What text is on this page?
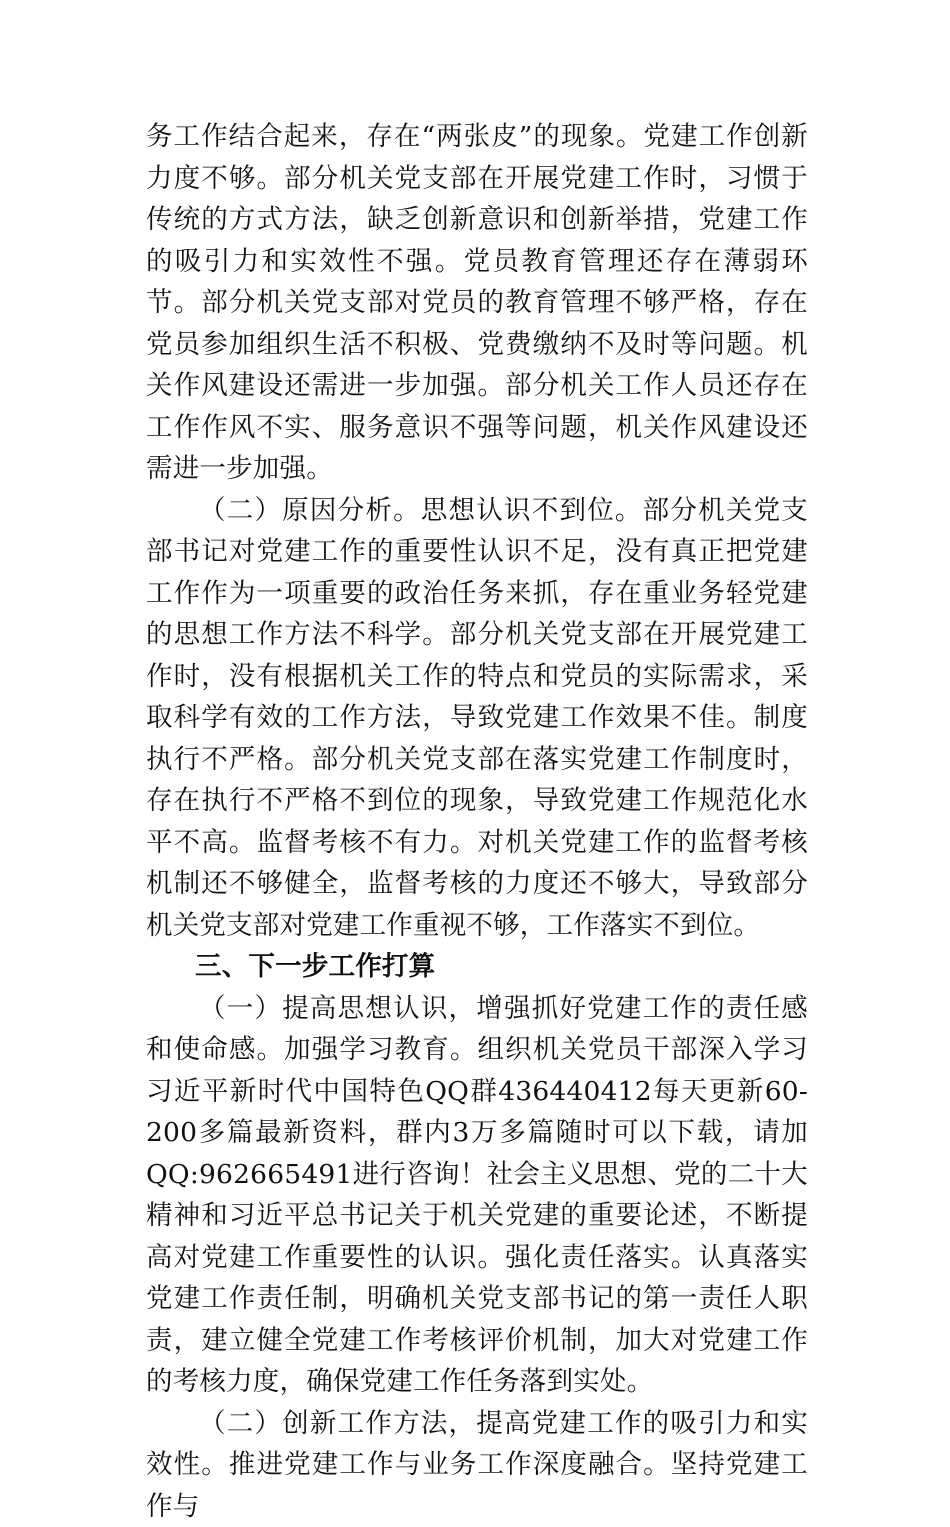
务工作结合起来，存在“两张皮”的现象。党建工作创新力度不够。部分机关党支部在开展党建工作时，习惯于传统的方式方法，缺乏创新意识和创新举措，党建工作的吸引力和实效性不强。党员教育管理还存在薄弱环节。部分机关党支部对党员的教育管理不够严格，存在党员参加组织生活不积极、党费缴纳不及时等问题。机关作风建设还需进一步加强。部分机关工作人员还存在工作作风不实、服务意识不强等问题，机关作风建设还需进一步加强。

（二）原因分析。思想认识不到位。部分机关党支部书记对党建工作的重要性认识不足，没有真正把党建工作作为一项重要的政治任务来抓，存在重业务轻党建的思想工作方法不科学。部分机关党支部在开展党建工作时，没有根据机关工作的特点和党员的实际需求，采取科学有效的工作方法，导致党建工作效果不佳。制度执行不严格。部分机关党支部在落实党建工作制度时，存在执行不严格不到位的现象，导致党建工作规范化水平不高。监督考核不有力。对机关党建工作的监督考核机制还不够健全，监督考核的力度还不够大，导致部分机关党支部对党建工作重视不够，工作落实不到位。

三、下一步工作打算

（一）提高思想认识，增强抓好党建工作的责任感和使命感。加强学习教育。组织机关党员干部深入学习习近平新时代中国特色QQ群436440412每天更新60-200多篇最新资料，群内3万多篇随时可以下载，请加QQ:962665491进行咨询！社会主义思想、党的二十大精神和习近平总书记关于机关党建的重要论述，不断提高对党建工作重要性的认识。强化责任落实。认真落实党建工作责任制，明确机关党支部书记的第一责任人职责，建立健全党建工作考核评价机制，加大对党建工作的考核力度，确保党建工作任务落到实处。

（二）创新工作方法，提高党建工作的吸引力和实效性。推进党建工作与业务工作深度融合。坚持党建工作与
